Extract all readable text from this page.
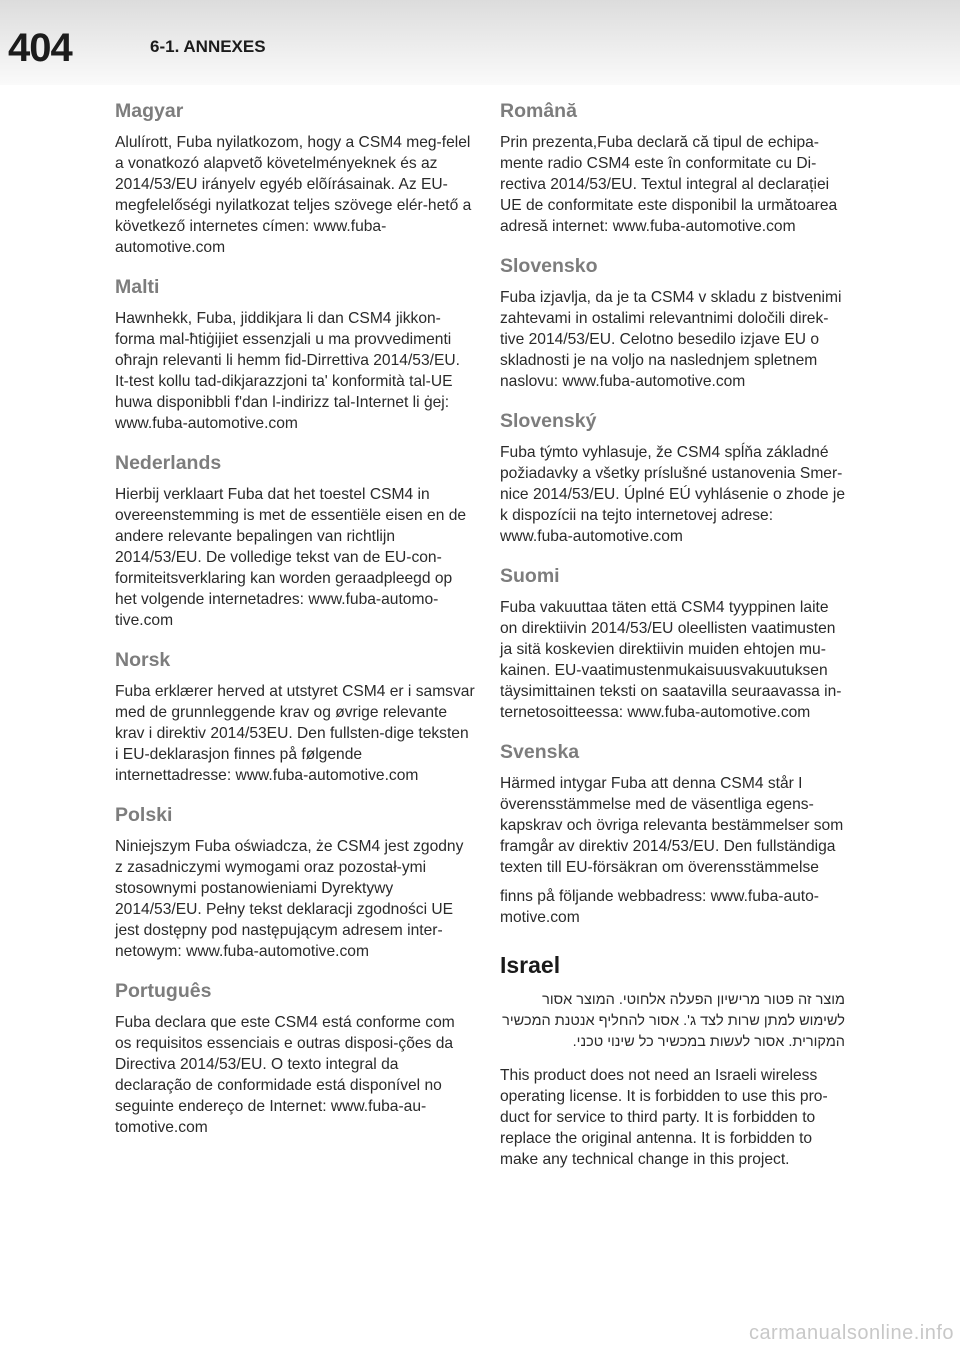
404	6-1. ANNEXES
Magyar

Alulírott, Fuba nyilatkozom, hogy a CSM4 meg-felel a vonatkozó alapvetõ követelményeknek és az 2014/53/EU irányelv egyéb elõírásainak. Az EU-megfelelőségi nyilatkozat teljes szövege elér-hető a következő internetes címen: www.fuba-automotive.com

Malti

Hawnhekk, Fuba, jiddikjara li dan CSM4 jikkon-forma mal-ħtiġijiet essenzjali u ma provvedimenti oħrajn relevanti li hemm fid-Dirrettiva 2014/53/EU. It-test kollu tad-dikjarazzjoni ta' konformità tal-UE huwa disponibbli f'dan l-indirizz tal-Internet li ġej: www.fuba-automotive.com

Nederlands

Hierbij verklaart Fuba dat het toestel CSM4 in overeenstemming is met de essentiële eisen en de andere relevante bepalingen van richtlijn 2014/53/EU. De volledige tekst van de EU-con-formiteitsverklaring kan worden geraadpleegd op het volgende internetadres: www.fuba-automo-tive.com

Norsk

Fuba erklærer herved at utstyret CSM4 er i samsvar med de grunnleggende krav og øvrige relevante krav i direktiv 2014/53EU. Den fullsten-dige teksten i EU-deklarasjon finnes på følgende internettadresse: www.fuba-automotive.com

Polski

Niniejszym Fuba oświadcza, że CSM4 jest zgodny z zasadniczymi wymogami oraz pozostał-ymi stosownymi postanowieniami Dyrektywy 2014/53/EU. Pełny tekst deklaracji zgodności UE jest dostępny pod następującym adresem inter-netowym: www.fuba-automotive.com

Português

Fuba declara que este CSM4 está conforme com os requisitos essenciais e outras disposi-ções da Directiva 2014/53/EU. O texto integral da declaração de conformidade está disponível no seguinte endereço de Internet: www.fuba-au-tomotive.com

Română

Prin prezenta,Fuba declară că tipul de echipa-mente radio CSM4 este în conformitate cu Di-rectiva 2014/53/EU. Textul integral al declarației UE de conformitate este disponibil la următoarea adresă internet: www.fuba-automotive.com

Slovensko

Fuba izjavlja, da je ta CSM4 v skladu z bistvenimi zahtevami in ostalimi relevantnimi določili direk-tive 2014/53/EU. Celotno besedilo izjave EU o skladnosti je na voljo na naslednjem spletnem naslovu: www.fuba-automotive.com

Slovenský

Fuba týmto vyhlasuje, že CSM4 spĺňa základné požiadavky a všetky príslušné ustanovenia Smer-nice 2014/53/EU. Úplné EÚ vyhlásenie o zhode je k dispozícii na tejto internetovej adrese: www.fuba-automotive.com

Suomi

Fuba vakuuttaa täten että CSM4 tyyppinen laite on direktiivin 2014/53/EU oleellisten vaatimusten ja sitä koskevien direktiivin muiden ehtojen mu-kainen. EU-vaatimustenmukaisuusvakuutuksen täysimittainen teksti on saatavilla seuraavassa in-ternetosoitteessa: www.fuba-automotive.com

Svenska

Härmed intygar Fuba att denna CSM4 står I överensstämmelse med de väsentliga egens-kapskrav och övriga relevanta bestämmelser som framgår av direktiv 2014/53/EU. Den fullständiga texten till EU-försäkran om överensstämmelse

finns på följande webbadress: www.fuba-auto-motive.com

Israel

מוצר זה פטור מרישיון הפעלה אלחוטי. המוצר אסור לשימוש למתן שרות לצד ג'. אסור להחליף אנטנת המכשיר המקורית. אסור לעשות במכשיר כל שינוי טכני.

This product does not need an Israeli wireless operating license. It is forbidden to use this pro-duct for service to third party. It is forbidden to replace the original antenna. It is forbidden to make any technical change in this project.

carmanualsonline.info
